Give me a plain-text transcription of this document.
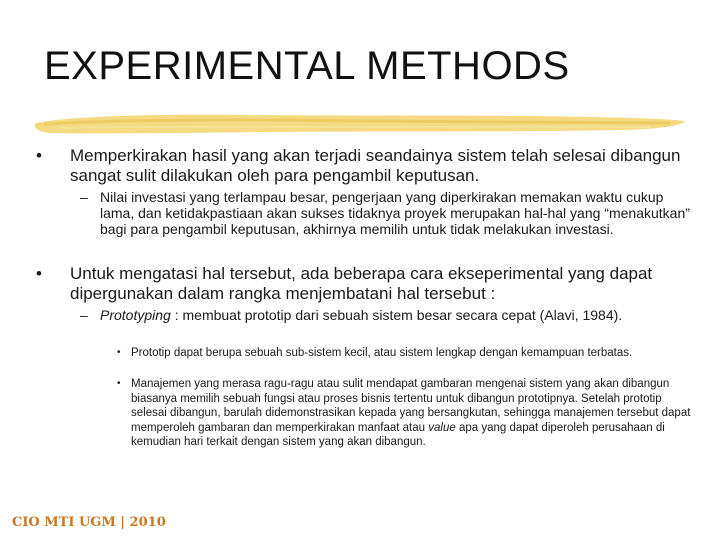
EXPERIMENTAL METHODS
• Memperkirakan hasil yang akan terjadi seandainya sistem telah selesai dibangun sangat sulit dilakukan oleh para pengambil keputusan.
– Nilai investasi yang terlampau besar, pengerjaan yang diperkirakan memakan waktu cukup lama, dan ketidakpastiaan akan sukses tidaknya proyek merupakan hal-hal yang “menakutkan” bagi para pengambil keputusan, akhirnya memilih untuk tidak melakukan investasi.
• Untuk mengatasi hal tersebut, ada beberapa cara ekseperimental yang dapat dipergunakan dalam rangka menjembatani hal tersebut :
– Prototyping : membuat prototip dari sebuah sistem besar secara cepat (Alavi, 1984).
• Prototip dapat berupa sebuah sub-sistem kecil, atau sistem lengkap dengan kemampuan terbatas.
• Manajemen yang merasa ragu-ragu atau sulit mendapat gambaran mengenai sistem yang akan dibangun biasanya memilih sebuah fungsi atau proses bisnis tertentu untuk dibangun prototipnya. Setelah prototip selesai dibangun, barulah didemonstrasikan kepada yang bersangkutan, sehingga manajemen tersebut dapat memperoleh gambaran dan memperkirakan manfaat atau value apa yang dapat diperoleh perusahaan di kemudian hari terkait dengan sistem yang akan dibangun.
CIO MTI UGM | 2010
